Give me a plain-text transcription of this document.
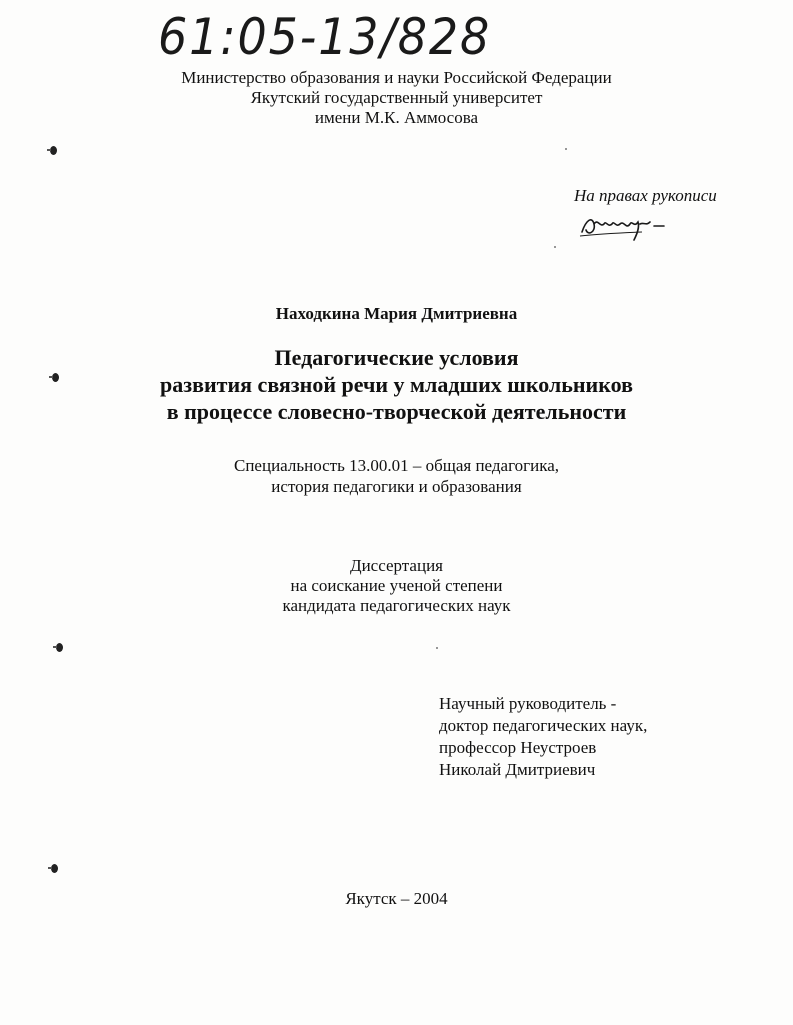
61:05-13/828
Министерство образования и науки Российской Федерации
Якутский государственный университет
имени М.К. Аммосова
На правах рукописи
Находкина Мария Дмитриевна
Педагогические условия
развития связной речи у младших школьников
в процессе словесно-творческой деятельности
Специальность 13.00.01 – общая педагогика,
история педагогики и образования
Диссертация
на соискание ученой степени
кандидата педагогических наук
Научный руководитель -
доктор педагогических наук,
профессор Неустроев
Николай Дмитриевич
Якутск – 2004
